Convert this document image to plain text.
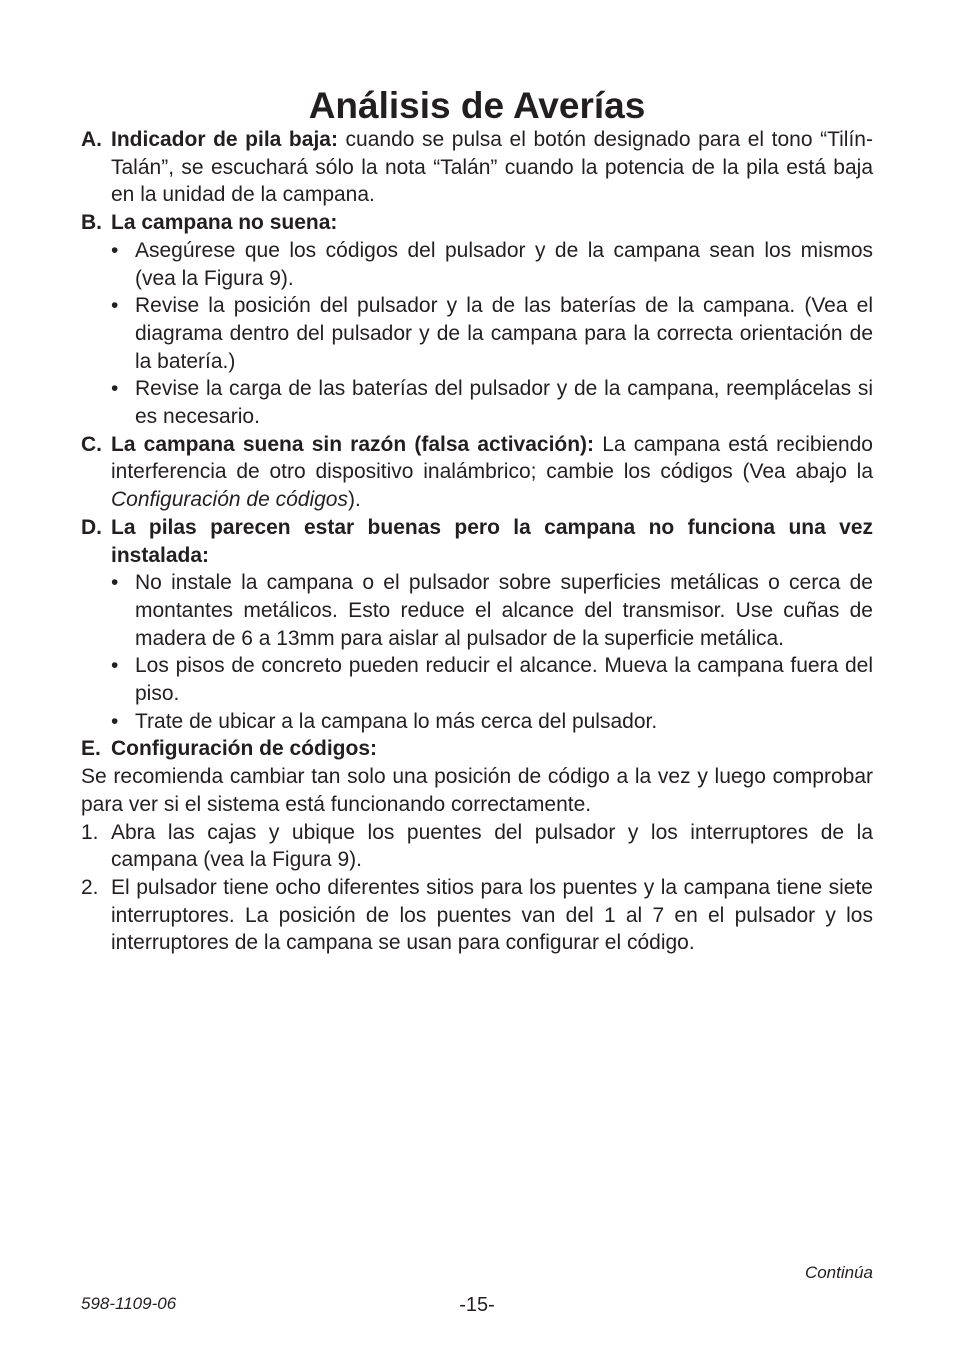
Análisis de Averías
A. Indicador de pila baja: cuando se pulsa el botón designado para el tono “Tilín-Talán”, se escuchará sólo la nota “Talán” cuando la potencia de la pila está baja en la unidad de la campana.
B. La campana no suena:
• Asegúrese que los códigos del pulsador y de la campana sean los mismos (vea la Figura 9).
• Revise la posición del pulsador y la de las baterías de la campana. (Vea el diagrama dentro del pulsador y de la campana para la correcta orientación de la batería.)
• Revise la carga de las baterías del pulsador y de la campana, reemplácelas si es necesario.
C. La campana suena sin razón (falsa activación): La campana está recibiendo interferencia de otro dispositivo inalámbrico; cambie los códigos (Vea abajo la Configuración de códigos).
D. La pilas parecen estar buenas pero la campana no funciona una vez instalada:
• No instale la campana o el pulsador sobre superficies metálicas o cerca de montantes metálicos. Esto reduce el alcance del transmisor. Use cuñas de madera de 6 a 13mm para aislar al pulsador de la superficie metálica.
• Los pisos de concreto pueden reducir el alcance. Mueva la campana fuera del piso.
• Trate de ubicar a la campana lo más cerca del pulsador.
E. Configuración de códigos:

Se recomienda cambiar tan solo una posición de código a la vez y luego comprobar para ver si el sistema está funcionando correctamente.

1. Abra las cajas y ubique los puentes del pulsador y los interruptores de la campana (vea la Figura 9).
2. El pulsador tiene ocho diferentes sitios para los puentes y la campana tiene siete interruptores. La posición de los puentes van del 1 al 7 en el pulsador y los interruptores de la campana se usan para configurar el código.
Continúa
598-1109-06	-15-
